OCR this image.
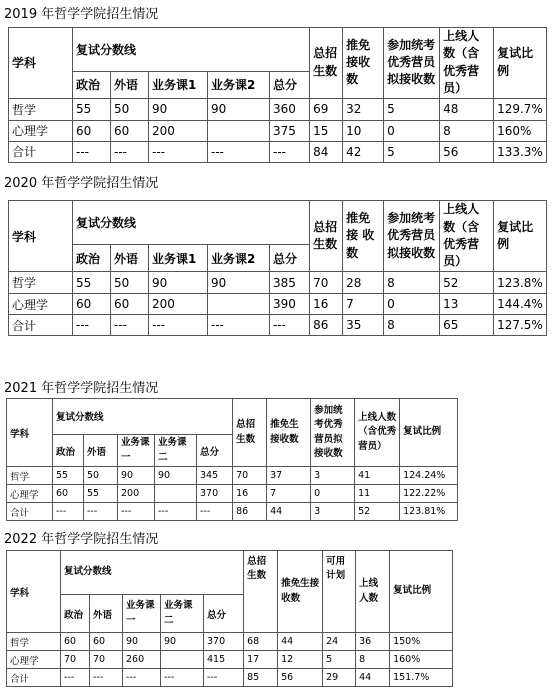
2019 年哲学学院招生情况
学科	复试分数线					总招生数	推免接收 数	参加统考优秀营员拟接收数	上线人数（含优秀营员）	复试比例
	政治	外语	业务课1	业务课2	总分					
哲学	55	50	90	90	360	69	32	5	48	129.7%
心理学	60	60	200		375	15	10	0	8	160%
合计	---	---	---	---	---	84	42	5	56	133.3%
2020 年哲学学院招生情况
学科	复试分数线					总招生数	推免接 收 数	参加统考优秀营员拟接收数	上线人数（含优秀营员）	复试比例
	政治	外语	业务课1	业务课2	总分					
哲学	55	50	90	90	385	70	28	8	52	123.8%
心理学	60	60	200		390	16	7	0	13	144.4%
合计	---	---	---	---	---	86	35	8	65	127.5%
2021 年哲学学院招生情况
学科	复试分数线					总招生数	推免生接收数	参加统考优秀营员拟接收数	上线人数（含优秀营员）	复试比例
	政治	外语	业务课一	业务课二	总分					
哲学	55	50	90	90	345	70	37	3	41	124.24%
心理学	60	55	200		370	16	7	0	11	122.22%
合计	---	---	---	---	---	86	44	3	52	123.81%
2022 年哲学学院招生情况
学科	复试分数线					总招生数	推免生接收数	可用计划	上线人数	复试比例
	政治	外语	业务课一	业务课二	总分					
哲学	60	60	90	90	370	68	44	24	36	150%
心理学	70	70	260		415	17	12	5	8	160%
合计	---	---	---	---	---	85	56	29	44	151.7%
